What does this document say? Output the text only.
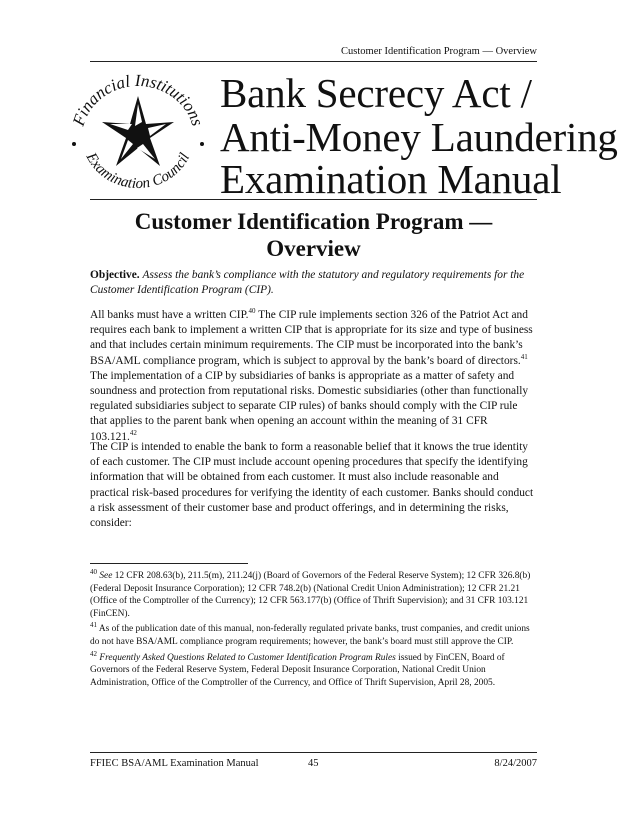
Customer Identification Program — Overview
Financial Institutions
Examination Council
Bank Secrecy Act /
Anti-Money Laundering
Examination Manual
Customer Identification Program —
Overview

Objective. Assess the bank’s compliance with the statutory and regulatory requirements for the Customer Identification Program (CIP).

All banks must have a written CIP.$^{40}$ The CIP rule implements section 326 of the Patriot Act and requires each bank to implement a written CIP that is appropriate for its size and type of business and that includes certain minimum requirements. The CIP must be incorporated into the bank’s BSA/AML compliance program, which is subject to approval by the bank’s board of directors.$^{41}$ The implementation of a CIP by subsidiaries of banks is appropriate as a matter of safety and soundness and protection from reputational risks. Domestic subsidiaries (other than functionally regulated subsidiaries subject to separate CIP rules) of banks should comply with the CIP rule that applies to the parent bank when opening an account within the meaning of 31 CFR 103.121.42

The CIP is intended to enable the bank to form a reasonable belief that it knows the true identity of each customer. The CIP must include account opening procedures that specify the identifying information that will be obtained from each customer. It must also include reasonable and practical risk-based procedures for verifying the identity of each customer. Banks should conduct a risk assessment of their customer base and product offerings, and in determining the risks, consider:

$^{40}$ See 12 CFR 208.63(b), 211.5(m), 211.24(j) (Board of Governors of the Federal Reserve System); 12 CFR 326.8(b) (Federal Deposit Insurance Corporation); 12 CFR 748.2(b) (National Credit Union Administration); 12 CFR 21.21 (Office of the Comptroller of the Currency); 12 CFR 563.177(b) (Office of Thrift Supervision); and 31 CFR 103.121 (FinCEN).

$^{41}$ As of the publication date of this manual, non-federally regulated private banks, trust companies, and credit unions do not have BSA/AML compliance program requirements; however, the bank’s board must still approve the CIP.

$^{42}$ Frequently Asked Questions Related to Customer Identification Program Rules issued by FinCEN, Board of Governors of the Federal Reserve System, Federal Deposit Insurance Corporation, National Credit Union Administration, Office of the Comptroller of the Currency, and Office of Thrift Supervision, April 28, 2005.

FFIEC BSA/AML Examination Manual	45	8/24/2007
